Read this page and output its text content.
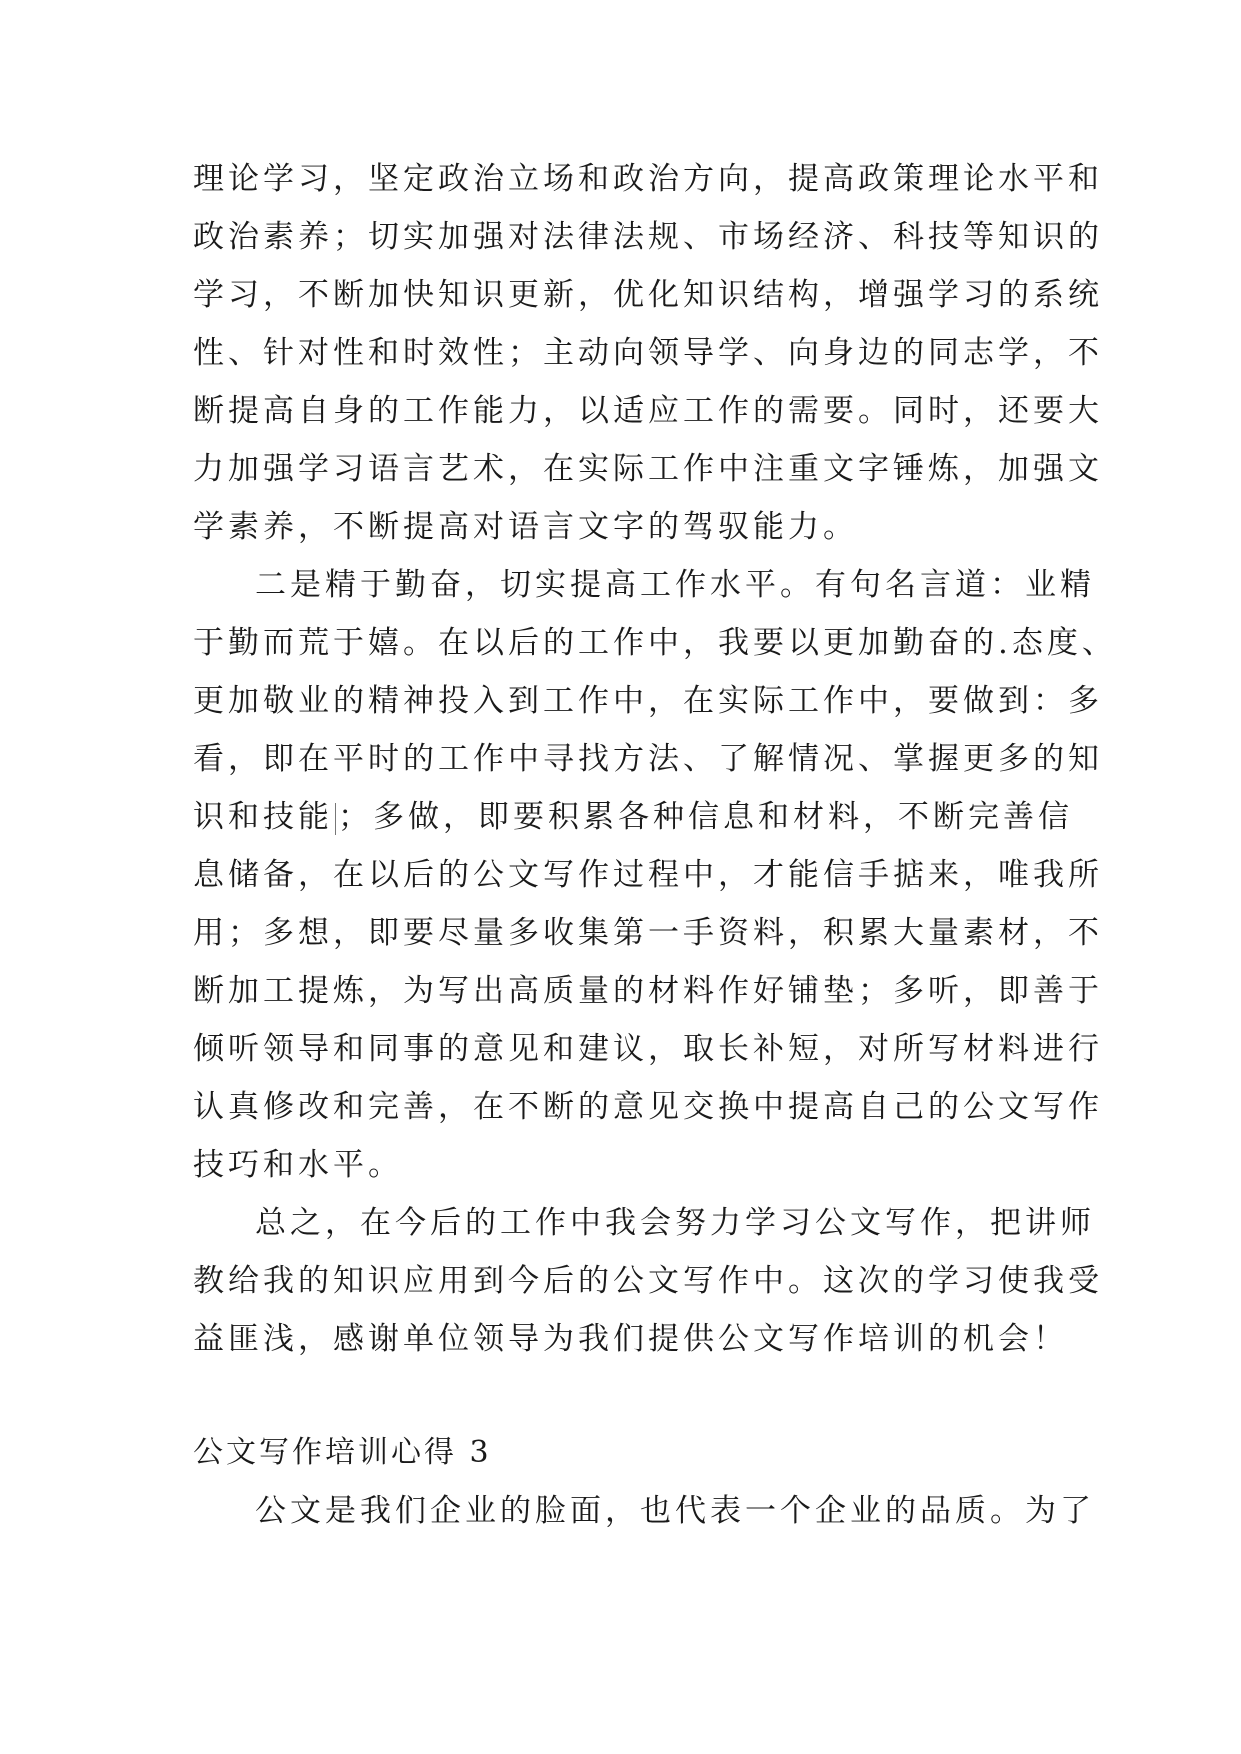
理论学习，坚定政治立场和政治方向，提高政策理论水平和
政治素养；切实加强对法律法规、市场经济、科技等知识的
学习，不断加快知识更新，优化知识结构，增强学习的系统
性、针对性和时效性；主动向领导学、向身边的同志学，不
断提高自身的工作能力，以适应工作的需要。同时，还要大
力加强学习语言艺术，在实际工作中注重文字锤炼，加强文
学素养，不断提高对语言文字的驾驭能力。

二是精于勤奋，切实提高工作水平。有句名言道：业精
于勤而荒于嬉。在以后的工作中，我要以更加勤奋的.态度、
更加敬业的精神投入到工作中，在实际工作中，要做到：多
看，即在平时的工作中寻找方法、了解情况、掌握更多的知
识和技能 ；多做，即要积累各种信息和材料，不断完善信
息储备，在以后的公文写作过程中，才能信手掂来，唯我所
用；多想，即要尽量多收集第一手资料，积累大量素材，不
断加工提炼，为写出高质量的材料作好铺垫；多听，即善于
倾听领导和同事的意见和建议，取长补短，对所写材料进行
认真修改和完善，在不断的意见交换中提高自己的公文写作
技巧和水平。

总之，在今后的工作中我会努力学习公文写作，把讲师
教给我的知识应用到今后的公文写作中。这次的学习使我受
益匪浅，感谢单位领导为我们提供公文写作培训的机会！

公文写作培训心得 3

公文是我们企业的脸面，也代表一个企业的品质。为了
